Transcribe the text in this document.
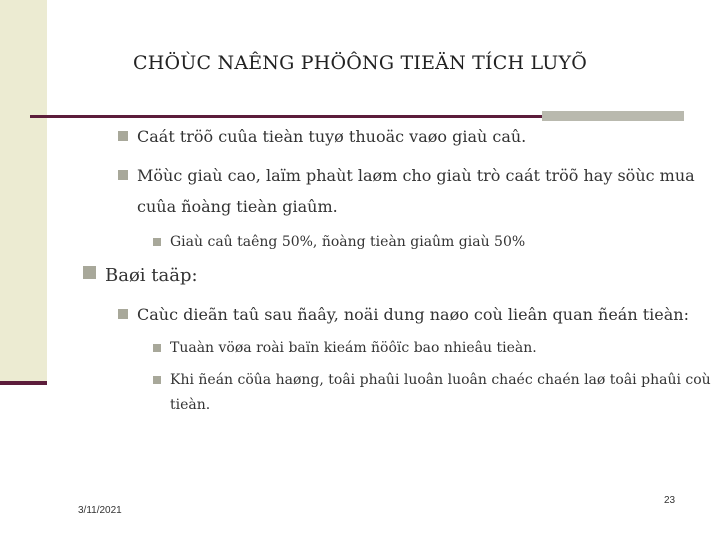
CHÖÙC NAÊNG PHÖÔNG TIEÄN TÍCH LUYÕ
Caát tröõ cuûa tieàn tuyø thuoäc vaøo giaù caû.
Möùc giaù cao, laïm phaùt laøm cho giaù trò caát tröõ hay söùc mua
cuûa ñoàng tieàn giaûm.
Giaù caû taêng 50%, ñoàng tieàn giaûm giaù 50%
Baøi taäp:
Caùc dieãn taû sau ñaây, noäi dung naøo coù lieân quan ñeán tieàn:
Tuaàn vöøa roài baïn kieám ñöôïc bao nhieâu tieàn.
Khi ñeán cöûa haøng, toâi phaûi luoân luoân chaéc chaén laø toâi phaûi coù
tieàn.
3/11/2021
23
